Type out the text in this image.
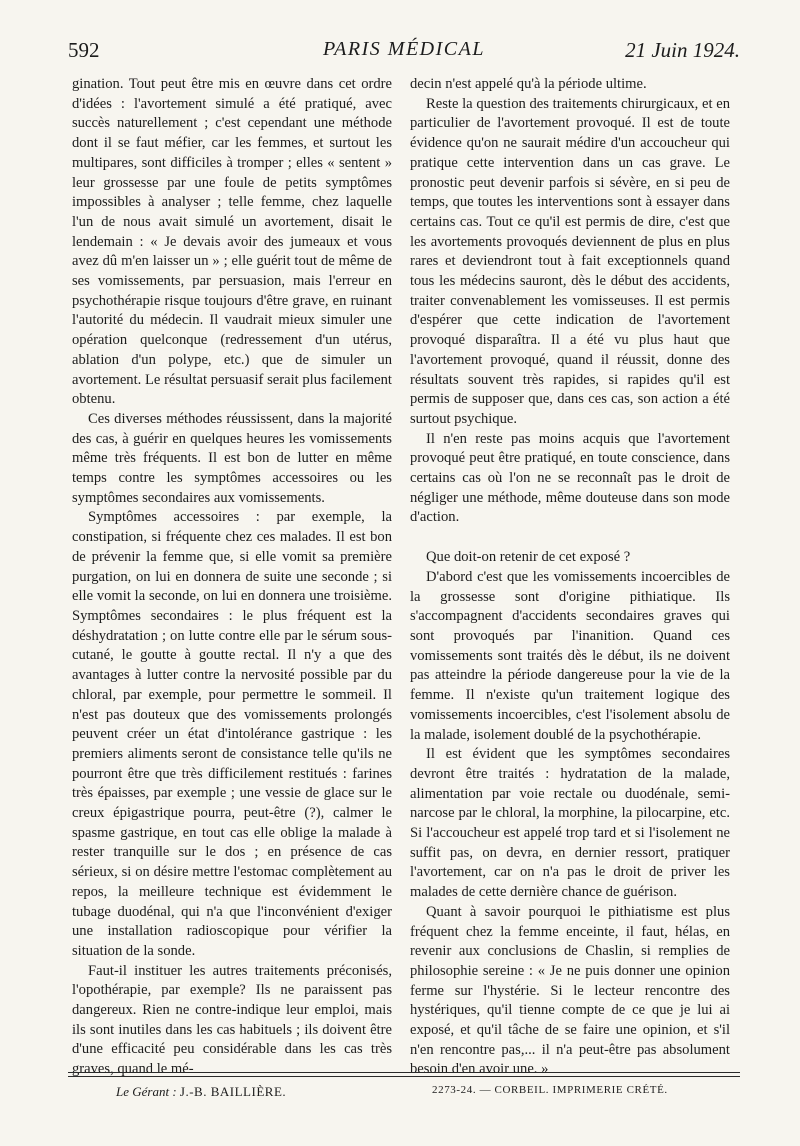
592	PARIS MÉDICAL	21 Juin 1924.

gination. Tout peut être mis en œuvre dans cet ordre d'idées : l'avortement simulé a été pratiqué, avec succès naturellement ; c'est cependant une méthode dont il se faut méfier, car les femmes, et surtout les multipares, sont difficiles à tromper ; elles « sentent » leur grossesse par une foule de petits symptômes impossibles à analyser ; telle femme, chez laquelle l'un de nous avait simulé un avortement, disait le lendemain : « Je devais avoir des jumeaux et vous avez dû m'en laisser un » ; elle guérit tout de même de ses vomissements, par persuasion, mais l'erreur en psychothérapie risque toujours d'être grave, en ruinant l'autorité du médecin. Il vaudrait mieux simuler une opération quelconque (redressement d'un utérus, ablation d'un polype, etc.) que de simuler un avortement. Le résultat persuasif serait plus facilement obtenu.

Ces diverses méthodes réussissent, dans la majorité des cas, à guérir en quelques heures les vomissements même très fréquents. Il est bon de lutter en même temps contre les symptômes accessoires ou les symptômes secondaires aux vomissements.

Symptômes accessoires : par exemple, la constipation, si fréquente chez ces malades. Il est bon de prévenir la femme que, si elle vomit sa première purgation, on lui en donnera de suite une seconde ; si elle vomit la seconde, on lui en donnera une troisième. Symptômes secondaires : le plus fréquent est la déshydratation ; on lutte contre elle par le sérum sous-cutané, le goutte à goutte rectal. Il n'y a que des avantages à lutter contre la nervosité possible par du chloral, par exemple, pour permettre le sommeil. Il n'est pas douteux que des vomissements prolongés peuvent créer un état d'intolérance gastrique : les premiers aliments seront de consistance telle qu'ils ne pourront être que très difficilement restitués : farines très épaisses, par exemple ; une vessie de glace sur le creux épigastrique pourra, peut-être (?), calmer le spasme gastrique, en tout cas elle oblige la malade à rester tranquille sur le dos ; en présence de cas sérieux, si on désire mettre l'estomac complètement au repos, la meilleure technique est évidemment le tubage duodénal, qui n'a que l'inconvénient d'exiger une installation radioscopique pour vérifier la situation de la sonde.

Faut-il instituer les autres traitements préconisés, l'opothérapie, par exemple? Ils ne paraissent pas dangereux. Rien ne contre-indique leur emploi, mais ils sont inutiles dans les cas habituels ; ils doivent être d'une efficacité peu considérable dans les cas très graves, quand le mé-

decin n'est appelé qu'à la période ultime.

Reste la question des traitements chirurgicaux, et en particulier de l'avortement provoqué. Il est de toute évidence qu'on ne saurait médire d'un accoucheur qui pratique cette intervention dans un cas grave. Le pronostic peut devenir parfois si sévère, en si peu de temps, que toutes les interventions sont à essayer dans certains cas. Tout ce qu'il est permis de dire, c'est que les avortements provoqués deviennent de plus en plus rares et deviendront tout à fait exceptionnels quand tous les médecins sauront, dès le début des accidents, traiter convenablement les vomisseuses. Il est permis d'espérer que cette indication de l'avortement provoqué disparaîtra. Il a été vu plus haut que l'avortement provoqué, quand il réussit, donne des résultats souvent très rapides, si rapides qu'il est permis de supposer que, dans ces cas, son action a été surtout psychique.

Il n'en reste pas moins acquis que l'avortement provoqué peut être pratiqué, en toute conscience, dans certains cas où l'on ne se reconnaît pas le droit de négliger une méthode, même douteuse dans son mode d'action.

Que doit-on retenir de cet exposé ?

D'abord c'est que les vomissements incoercibles de la grossesse sont d'origine pithiatique. Ils s'accompagnent d'accidents secondaires graves qui sont provoqués par l'inanition. Quand ces vomissements sont traités dès le début, ils ne doivent pas atteindre la période dangereuse pour la vie de la femme. Il n'existe qu'un traitement logique des vomissements incoercibles, c'est l'isolement absolu de la malade, isolement doublé de la psychothérapie.

Il est évident que les symptômes secondaires devront être traités : hydratation de la malade, alimentation par voie rectale ou duodénale, semi-narcose par le chloral, la morphine, la pilocarpine, etc. Si l'accoucheur est appelé trop tard et si l'isolement ne suffit pas, on devra, en dernier ressort, pratiquer l'avortement, car on n'a pas le droit de priver les malades de cette dernière chance de guérison.

Quant à savoir pourquoi le pithiatisme est plus fréquent chez la femme enceinte, il faut, hélas, en revenir aux conclusions de Chaslin, si remplies de philosophie sereine : « Je ne puis donner une opinion ferme sur l'hystérie. Si le lecteur rencontre des hystériques, qu'il tienne compte de ce que je lui ai exposé, et qu'il tâche de se faire une opinion, et s'il n'en rencontre pas,... il n'a peut-être pas absolument besoin d'en avoir une. »

Le Gérant : J.-B. BAILLIÈRE.	2273-24. — CORBEIL. IMPRIMERIE CRÉTÉ.
